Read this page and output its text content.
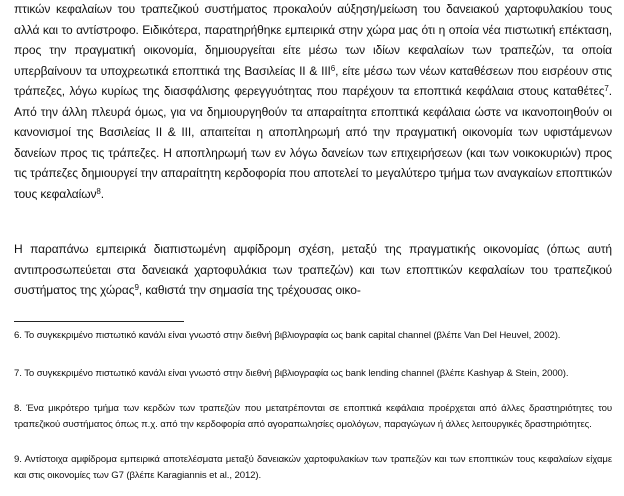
πτικών κεφαλαίων του τραπεζικού συστήματος προκαλούν αύξηση/μείωση του δανειακού χαρτοφυλακίου τους αλλά και το αντίστροφο. Ειδικότερα, παρατηρήθηκε εμπειρικά στην χώρα μας ότι η οποία νέα πιστωτική επέκταση, προς την πραγματική οικονομία, δημιουργείται είτε μέσω των ιδίων κεφαλαίων των τραπεζών, τα οποία υπερβαίνουν τα υποχρεωτικά εποπτικά της Βασιλείας ΙΙ & ΙΙΙ$^6$, είτε μέσω των νέων καταθέσεων που εισρέουν στις τράπεζες, λόγω κυρίως της διασφάλισης φερεγγυότητας που παρέχουν τα εποπτικά κεφάλαια στους καταθέτες$^7$. Από την άλλη πλευρά όμως, για να δημιουργηθούν τα απαραίτητα εποπτικά κεφάλαια ώστε να ικανοποιηθούν οι κανονισμοί της Βασιλείας ΙΙ & ΙΙΙ, απαιτείται η αποπληρωμή από την πραγματική οικονομία των υφιστάμενων δανείων προς τις τράπεζες. Η αποπληρωμή των εν λόγω δανείων των επιχειρήσεων (και των νοικοκυριών) προς τις τράπεζες δημιουργεί την απαραίτητη κερδοφορία που αποτελεί το μεγαλύτερο τμήμα των αναγκαίων εποπτικών τους κεφαλαίων$^8$.

Η παραπάνω εμπειρικά διαπιστωμένη αμφίδρομη σχέση, μεταξύ της πραγματικής οικονομίας (όπως αυτή αντιπροσωπεύεται στα δανειακά χαρτοφυλάκια των τραπεζών) και των εποπτικών κεφαλαίων του τραπεζικού συστήματος της χώρας$^9$, καθιστά την σημασία της τρέχουσας οικο-

6. Το συγκεκριμένο πιστωτικό κανάλι είναι γνωστό στην διεθνή βιβλιογραφία ως bank capital channel (βλέπε Van Del Heuvel, 2002).

7. Το συγκεκριμένο πιστωτικό κανάλι είναι γνωστό στην διεθνή βιβλιογραφία ως bank lending channel (βλέπε Kashyap & Stein, 2000).

8. Ένα μικρότερο τμήμα των κερδών των τραπεζών που μετατρέπονται σε εποπτικά κεφάλαια προέρχεται από άλλες δραστηριότητες του τραπεζικού συστήματος όπως π.χ. από την κερδοφορία από αγοραπωλησίες ομολόγων, παραγώγων ή άλλες λειτουργικές δραστηριότητες.

9. Αντίστοιχα αμφίδρομα εμπειρικά αποτελέσματα μεταξύ δανειακών χαρτοφυλακίων των τραπεζών και των εποπτικών τους κεφαλαίων είχαμε και στις οικονομίες των G7 (βλέπε Karagiannis et al., 2012).
